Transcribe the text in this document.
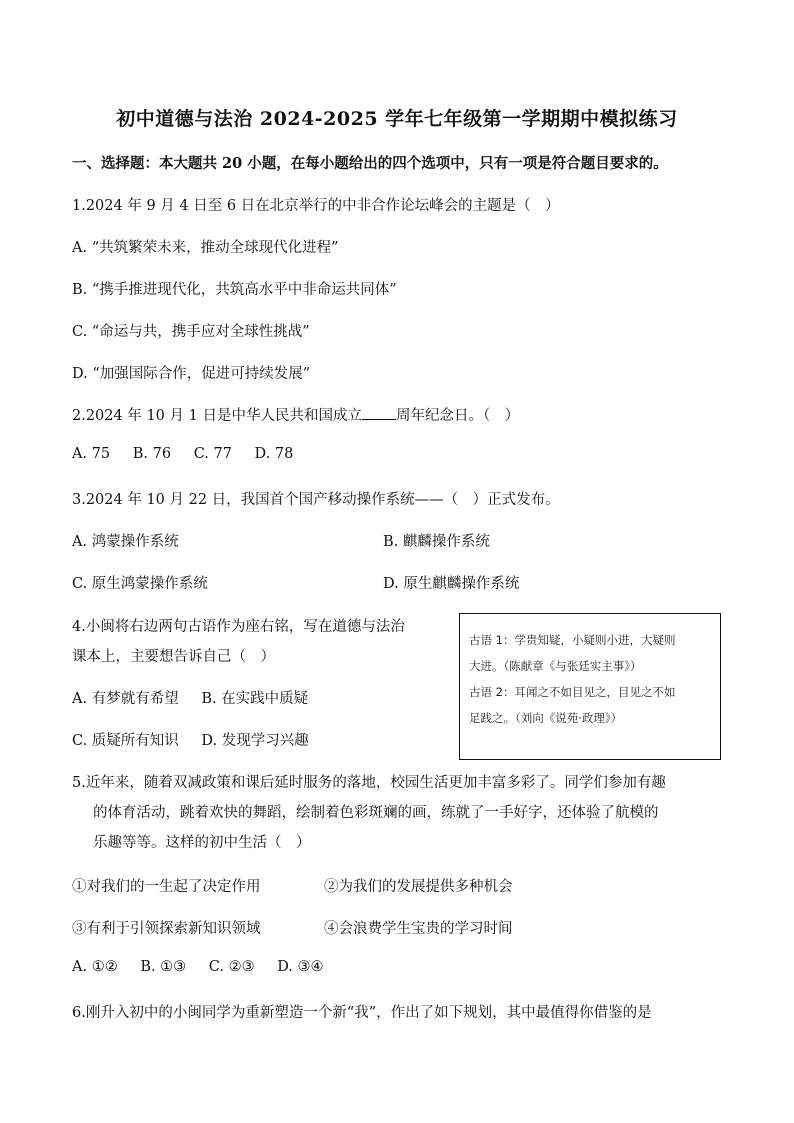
初中道德与法治 2024-2025 学年七年级第一学期期中模拟练习
一、选择题：本大题共 20 小题，在每小题给出的四个选项中，只有一项是符合题目要求的。
1.2024 年 9 月 4 日至 6 日在北京举行的中非合作论坛峰会的主题是（　）
A. “共筑繁荣未来，推动全球现代化进程”
B. “携手推进现代化，共筑高水平中非命运共同体”
C. “命运与共，携手应对全球性挑战”
D. “加强国际合作，促进可持续发展”
2.2024 年 10 月 1 日是中华人民共和国成立 周年纪念日。（　）
A. 75 B. 76 C. 77 D. 78
3.2024 年 10 月 22 日，我国首个国产移动操作系统——（　）正式发布。
A. 鸿蒙操作系统	B. 麒麟操作系统
C. 原生鸿蒙操作系统	D. 原生麒麟操作系统
4.小闽将右边两句古语作为座右铭，写在道德与法治
课本上，主要想告诉自己（　）
A. 有梦就有希望 B. 在实践中质疑
C. 质疑所有知识 D. 发现学习兴趣

古语 1：学贵知疑，小疑则小进，大疑则

大进。（陈献章《与张廷实主事》）

古语 2：耳闻之不如目见之，目见之不如

足践之。（刘向《说苑·政理》）

5.近年来，随着双减政策和课后延时服务的落地，校园生活更加丰富多彩了。同学们参加有趣
的体育活动，跳着欢快的舞蹈，绘制着色彩斑斓的画，练就了一手好字，还体验了航模的
乐趣等等。这样的初中生活（　）
①对我们的一生起了决定作用	②为我们的发展提供多种机会
③有利于引领探索新知识领域	④会浪费学生宝贵的学习时间
A. ①② B. ①③ C. ②③ D. ③④
6.刚升入初中的小闽同学为重新塑造一个新“我”，作出了如下规划，其中最值得你借鉴的是
